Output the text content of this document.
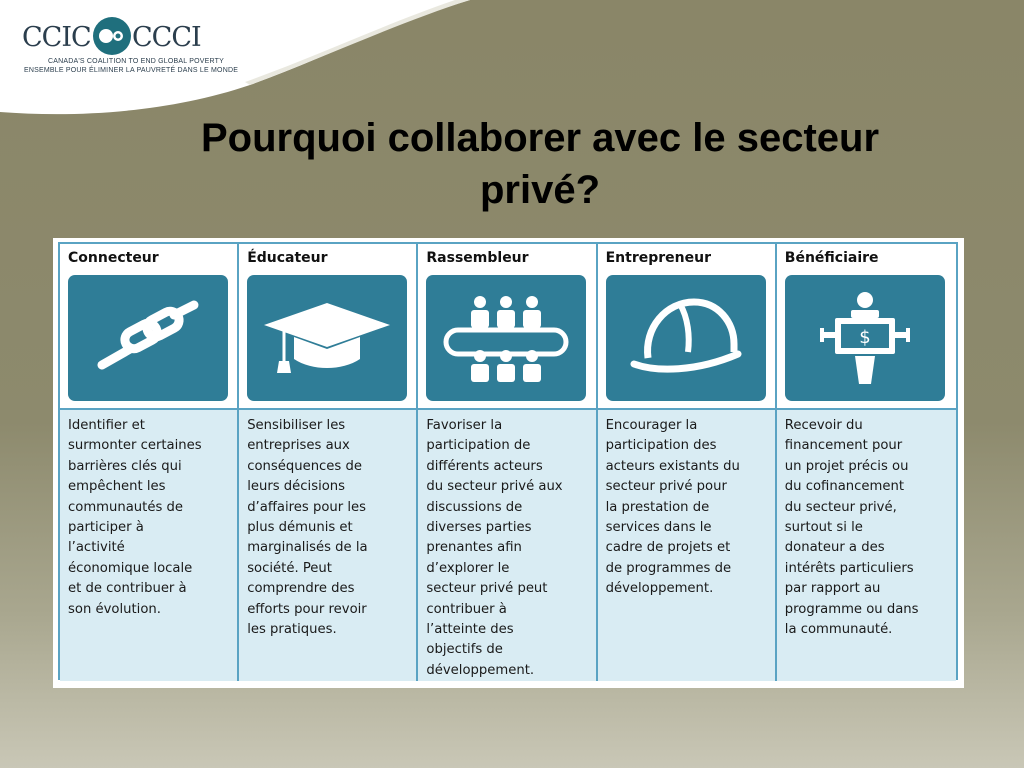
CCIC CCCI
CANADA'S COALITION TO END GLOBAL POVERTY
ENSEMBLE POUR ÉLIMINER LA PAUVRETÉ DANS LE MONDE
Pourquoi collaborer avec le secteur
privé?
Connecteur

Identifier et
surmonter certaines
barrières clés qui
empêchent les
communautés de
participer à
l’activité
économique locale
et de contribuer à
son évolution.

Éducateur

Sensibiliser les
entreprises aux
conséquences de
leurs décisions
d’affaires pour les
plus démunis et
marginalisés de la
société. Peut
comprendre des
efforts pour revoir
les pratiques.

Rassembleur

Favoriser la
participation de
différents acteurs
du secteur privé aux
discussions de
diverses parties
prenantes afin
d’explorer le
secteur privé peut
contribuer à
l’atteinte des
objectifs de
développement.

Entrepreneur

Encourager la
participation des
acteurs existants du
secteur privé pour
la prestation de
services dans le
cadre de projets et
de programmes de
développement.

Bénéficiaire
$

Recevoir du
financement pour
un projet précis ou
du cofinancement
du secteur privé,
surtout si le
donateur a des
intérêts particuliers
par rapport au
programme ou dans
la communauté.
